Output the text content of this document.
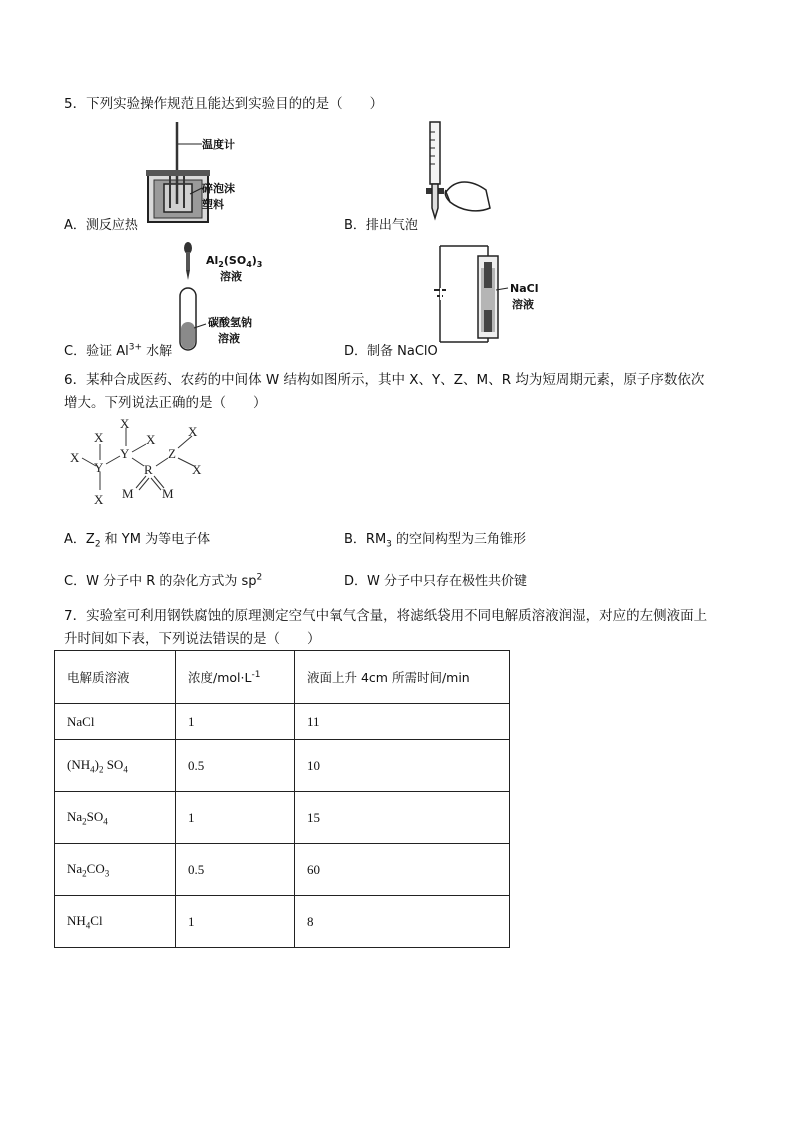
5．下列实验操作规范且能达到实验目的的是（　　）
温度计
碎泡沫
塑料
A．测反应热	B．排出气泡
$Al_2(SO_4)_3$
溶液
碳酸氢钠
溶液
C．验证 $Al^{3+}$ 水解
NaCl
溶液
D．制备 NaClO
6．某种合成医药、农药的中间体 W 结构如图所示，其中 X、Y、Z、M、R 均为短周期元素，原子序数依次
增大。下列说法正确的是（　　）
X
X
Y
X
X
Y
X
R
Z
X
X
M M
A．$Z_2$ 和 YM 为等电子体	B．$RM_3$ 的空间构型为三角锥形
C．W 分子中 R 的杂化方式为 $sp^2$	D．W 分子中只存在极性共价键
7．实验室可利用钢铁腐蚀的原理测定空气中氧气含量，将滤纸袋用不同电解质溶液润湿，对应的左侧液面上
升时间如下表，下列说法错误的是（　　）
电解质溶液	浓度$/mol\cdot L^{-1}$	液面上升 4cm 所需时间/min
NaCl	1	11
$(NH_4)_2$ $SO_4$	0.5	10
$Na_2SO_4$	1	15
$Na_2CO_3$	0.5	60
$NH_4Cl$	1	8
